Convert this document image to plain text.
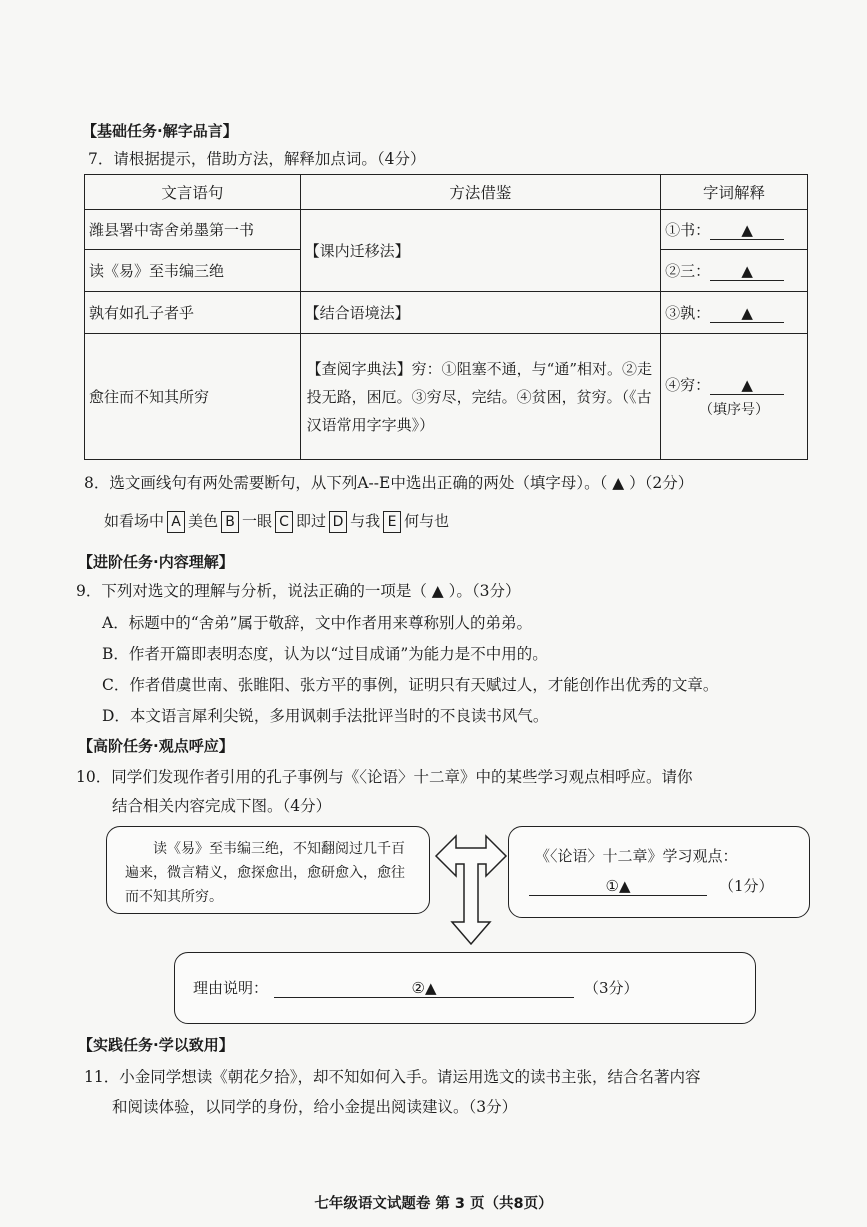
【基础任务·解字品言】
7．请根据提示，借助方法，解释加点词。（4分）
文言语句	方法借鉴	字词解释
潍县署中寄舍弟墨第一书	【课内迁移法】	①书： ▲
读《易》至韦编三绝		②三： ▲
孰有如孔子者乎	【结合语境法】	③孰： ▲
愈往而不知其所穷	【查阅字典法】穷：①阻塞不通，与“通”相对。②走投无路，困厄。③穷尽，完结。④贫困，贫穷。（《古汉语常用字字典》）	④穷： ▲
（填序号）
8．选文画线句有两处需要断句，从下列A--E中选出正确的两处（填字母）。（ ▲ ）（2分）
如看场中 A 美色 B 一眼 C 即过 D 与我 E 何与也
【进阶任务·内容理解】
9．下列对选文的理解与分析，说法正确的一项是（ ▲ ）。（3分）
A．标题中的“舍弟”属于敬辞，文中作者用来尊称别人的弟弟。
B．作者开篇即表明态度，认为以“过目成诵”为能力是不中用的。
C．作者借虞世南、张睢阳、张方平的事例，证明只有天赋过人，才能创作出优秀的文章。
D．本文语言犀利尖锐，多用讽刺手法批评当时的不良读书风气。
【高阶任务·观点呼应】
10．同学们发现作者引用的孔子事例与《〈论语〉十二章》中的某些学习观点相呼应。请你
结合相关内容完成下图。（4分）
读《易》至韦编三绝，不知翻阅过几千百遍来，微言精义，愈探愈出，愈研愈入，愈往而不知其所穷。
《〈论语〉十二章》学习观点：
①▲	（1分）
理由说明：	②▲	（3分）
【实践任务·学以致用】
11．小金同学想读《朝花夕拾》，却不知如何入手。请运用选文的读书主张，结合名著内容
和阅读体验，以同学的身份，给小金提出阅读建议。（3分）
七年级语文试题卷 第 3 页（共8页）
